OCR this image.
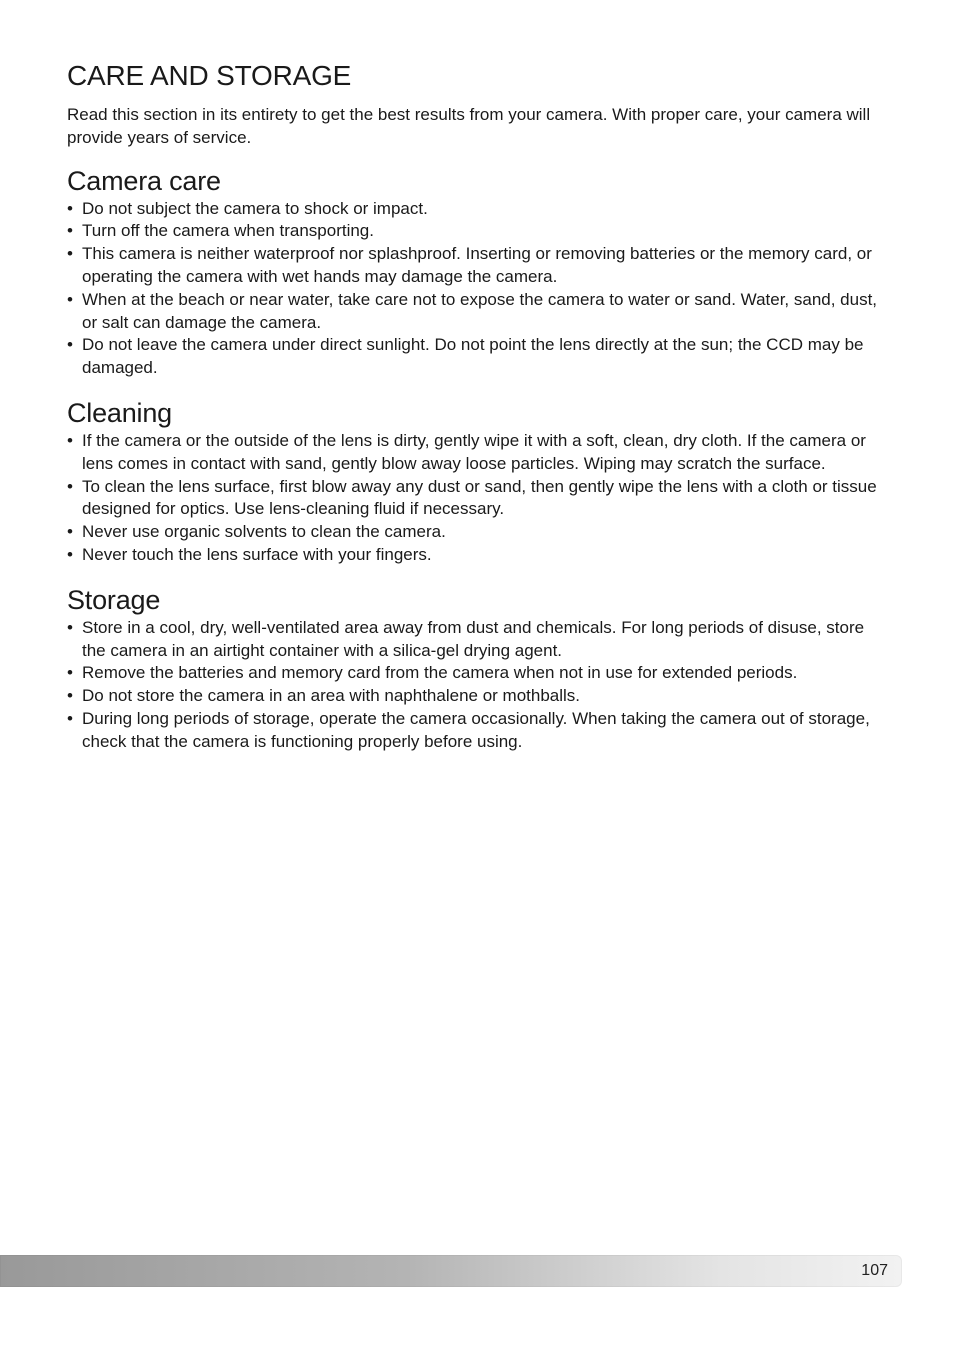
CARE AND STORAGE

Read this section in its entirety to get the best results from your camera. With proper care, your camera will provide years of service.

Camera care
• Do not subject the camera to shock or impact.
• Turn off the camera when transporting.
• This camera is neither waterproof nor splashproof. Inserting or removing batteries or the memory card, or operating the camera with wet hands may damage the camera.
• When at the beach or near water, take care not to expose the camera to water or sand. Water, sand, dust, or salt can damage the camera.
• Do not leave the camera under direct sunlight. Do not point the lens directly at the sun; the CCD may be damaged.
Cleaning
• If the camera or the outside of the lens is dirty, gently wipe it with a soft, clean, dry cloth. If the camera or lens comes in contact with sand, gently blow away loose particles. Wiping may scratch the surface.
• To clean the lens surface, first blow away any dust or sand, then gently wipe the lens with a cloth or tissue designed for optics. Use lens-cleaning fluid if necessary.
• Never use organic solvents to clean the camera.
• Never touch the lens surface with your fingers.
Storage
• Store in a cool, dry, well-ventilated area away from dust and chemicals. For long periods of disuse, store the camera in an airtight container with a silica-gel drying agent.
• Remove the batteries and memory card from the camera when not in use for extended periods.
• Do not store the camera in an area with naphthalene or mothballs.
• During long periods of storage, operate the camera occasionally. When taking the camera out of storage, check that the camera is functioning properly before using.
107
